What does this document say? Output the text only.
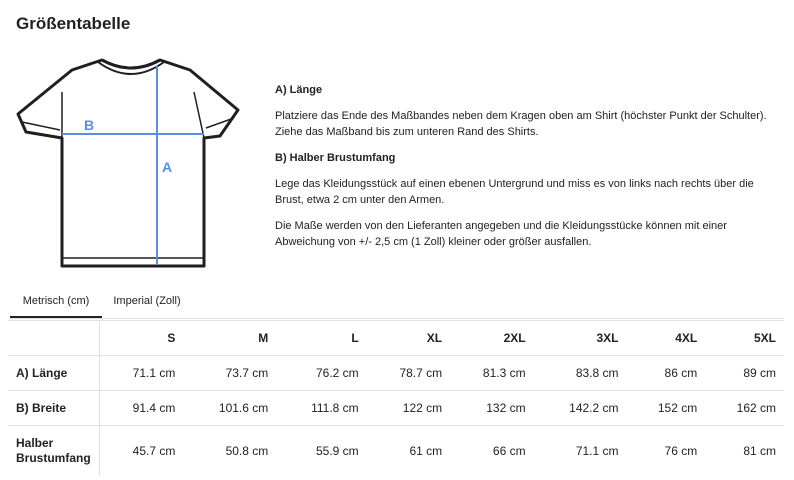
Größentabelle
B
A
A) Länge
Platziere das Ende des Maßbandes neben dem Kragen oben am Shirt (höchster Punkt der Schulter). Ziehe das Maßband bis zum unteren Rand des Shirts.
B) Halber Brustumfang
Lege das Kleidungsstück auf einen ebenen Untergrund und miss es von links nach rechts über die Brust, etwa 2 cm unter den Armen.
Die Maße werden von den Lieferanten angegeben und die Kleidungsstücke können mit einer Abweichung von +/- 2,5 cm (1 Zoll) kleiner oder größer ausfallen.
Metrisch (cm)	Imperial (Zoll)
	S	M	L	XL	2XL	3XL	4XL	5XL
A) Länge	71.1 cm	73.7 cm	76.2 cm	78.7 cm	81.3 cm	83.8 cm	86 cm	89 cm
B) Breite	91.4 cm	101.6 cm	111.8 cm	122 cm	132 cm	142.2 cm	152 cm	162 cm
Halber
Brustumfang	45.7 cm	50.8 cm	55.9 cm	61 cm	66 cm	71.1 cm	76 cm	81 cm
